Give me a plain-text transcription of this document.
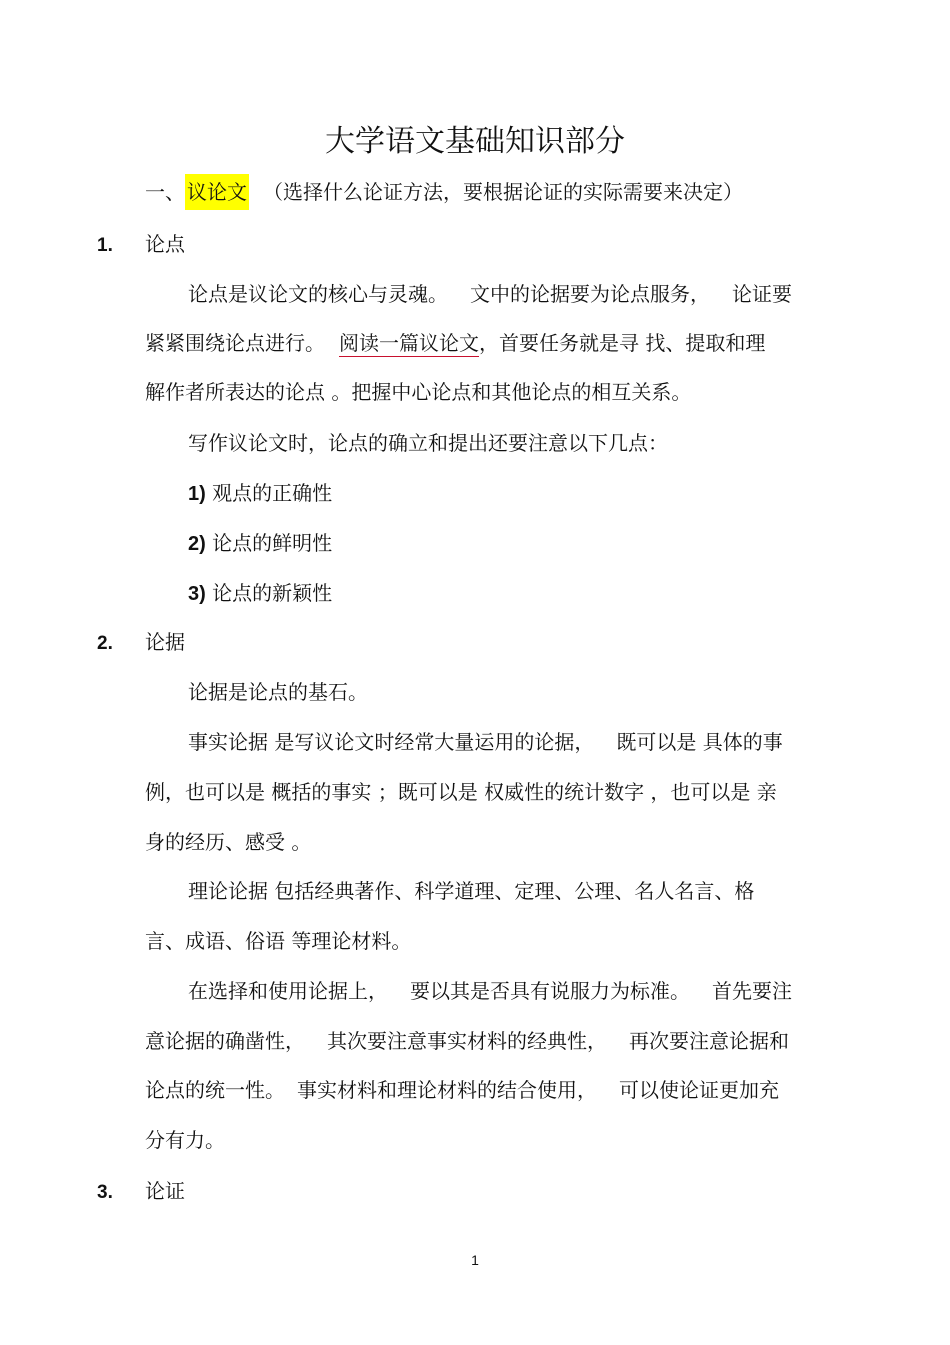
大学语文基础知识部分
一、 议论文 （选择什么论证方法，要根据论证的实际需要来决定）
1. 论点
论点是议论文的核心与灵魂。 文中的论据要为论点服务， 论证要
紧紧围绕论点进行。 阅读一篇议论文，首要任务就是寻 找、提取和理
解作者所表达的论点 。把握中心论点和其他论点的相互关系。
写作议论文时，论点的确立和提出还要注意以下几点：
1) 观点的正确性
2) 论点的鲜明性
3) 论点的新颖性
2. 论据
论据是论点的基石。
事实论据 是写议论文时经常大量运用的论据， 既可以是 具体的事
例，也可以是 概括的事实 ；既可以是 权威性的统计数字 ，也可以是 亲
身的经历、感受 。
理论论据 包括经典著作、科学道理、定理、公理、名人名言、格
言、成语、俗语 等理论材料。
在选择和使用论据上， 要以其是否具有说服力为标准。 首先要注
意论据的确凿性， 其次要注意事实材料的经典性， 再次要注意论据和
论点的统一性。 事实材料和理论材料的结合使用， 可以使论证更加充
分有力。
3. 论证
1
